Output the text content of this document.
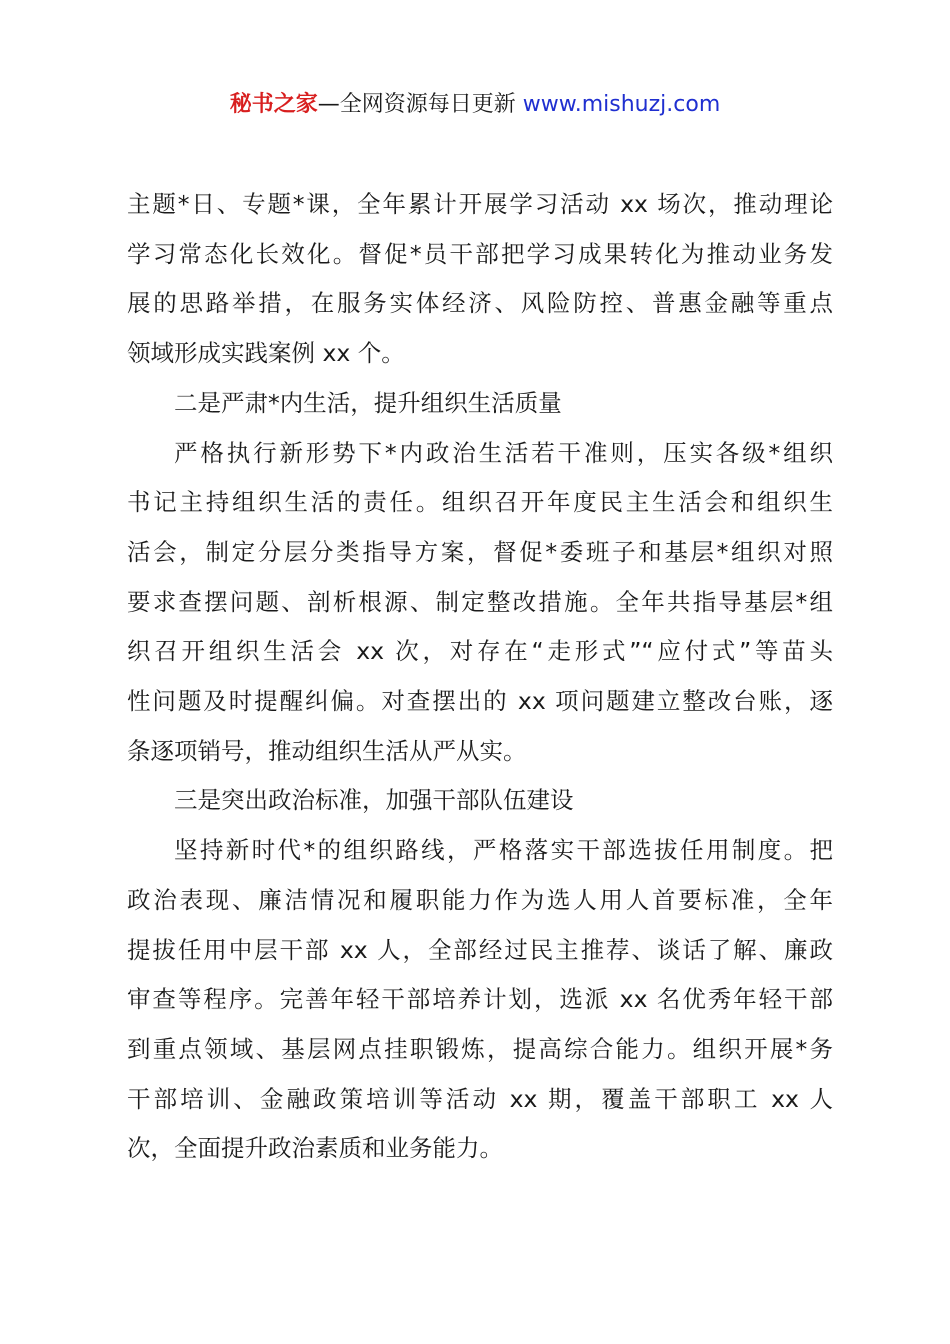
秘书之家—全网资源每日更新 www.mishuzj.com

主题*日、专题*课，全年累计开展学习活动 xx 场次，推动理论
学习常态化长效化。督促*员干部把学习成果转化为推动业务发
展的思路举措，在服务实体经济、风险防控、普惠金融等重点
领域形成实践案例 xx 个。

二是严肃*内生活，提升组织生活质量

严格执行新形势下*内政治生活若干准则，压实各级*组织
书记主持组织生活的责任。组织召开年度民主生活会和组织生
活会，制定分层分类指导方案，督促*委班子和基层*组织对照
要求查摆问题、剖析根源、制定整改措施。全年共指导基层*组
织召开组织生活会 xx 次，对存在“走形式”“应付式”等苗头
性问题及时提醒纠偏。对查摆出的 xx 项问题建立整改台账，逐
条逐项销号，推动组织生活从严从实。

三是突出政治标准，加强干部队伍建设

坚持新时代*的组织路线，严格落实干部选拔任用制度。把
政治表现、廉洁情况和履职能力作为选人用人首要标准，全年
提拔任用中层干部 xx 人，全部经过民主推荐、谈话了解、廉政
审查等程序。完善年轻干部培养计划，选派 xx 名优秀年轻干部
到重点领域、基层网点挂职锻炼，提高综合能力。组织开展*务
干部培训、金融政策培训等活动 xx 期，覆盖干部职工 xx 人
次，全面提升政治素质和业务能力。
